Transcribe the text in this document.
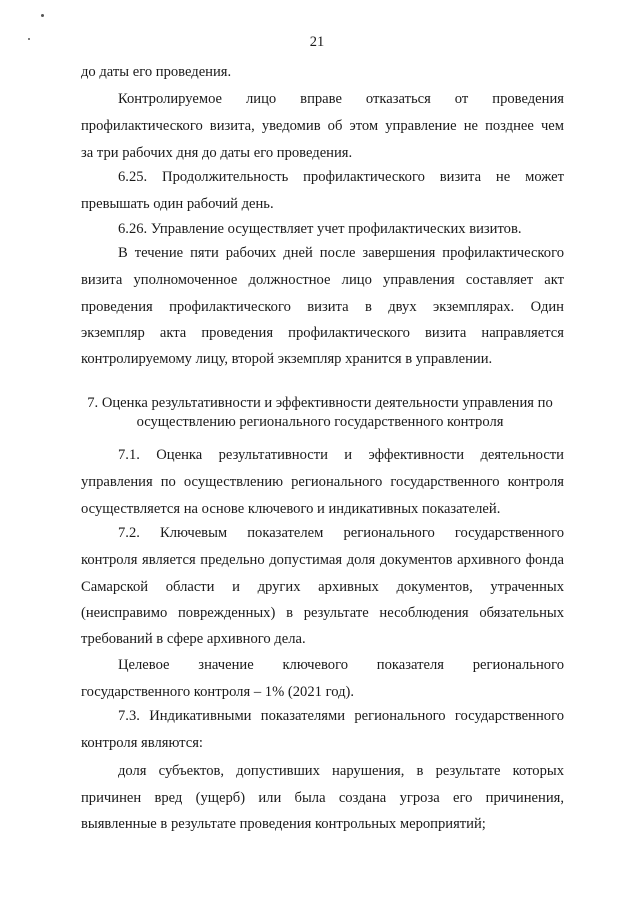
21
до даты его проведения.
Контролируемое лицо вправе отказаться от проведения
профилактического визита, уведомив об этом управление не позднее чем
за три рабочих дня до даты его проведения.
6.25. Продолжительность профилактического визита не может
превышать один рабочий день.
6.26. Управление осуществляет учет профилактических визитов.
В течение пяти рабочих дней после завершения профилактического
визита уполномоченное должностное лицо управления составляет акт
проведения профилактического визита в двух экземплярах. Один
экземпляр акта проведения профилактического визита направляется
контролируемому лицу, второй экземпляр хранится в управлении.
7. Оценка результативности и эффективности деятельности управления по
осуществлению регионального государственного контроля
7.1. Оценка результативности и эффективности деятельности
управления по осуществлению регионального государственного контроля
осуществляется на основе ключевого и индикативных показателей.
7.2. Ключевым показателем регионального государственного
контроля является предельно допустимая доля документов архивного фонда
Самарской области и других архивных документов, утраченных
(неисправимо поврежденных) в результате несоблюдения обязательных
требований в сфере архивного дела.
Целевое значение ключевого показателя регионального
государственного контроля – 1% (2021 год).
7.3. Индикативными показателями регионального государственного
контроля являются:
доля субъектов, допустивших нарушения, в результате которых
причинен вред (ущерб) или была создана угроза его причинения,
выявленные в результате проведения контрольных мероприятий;
